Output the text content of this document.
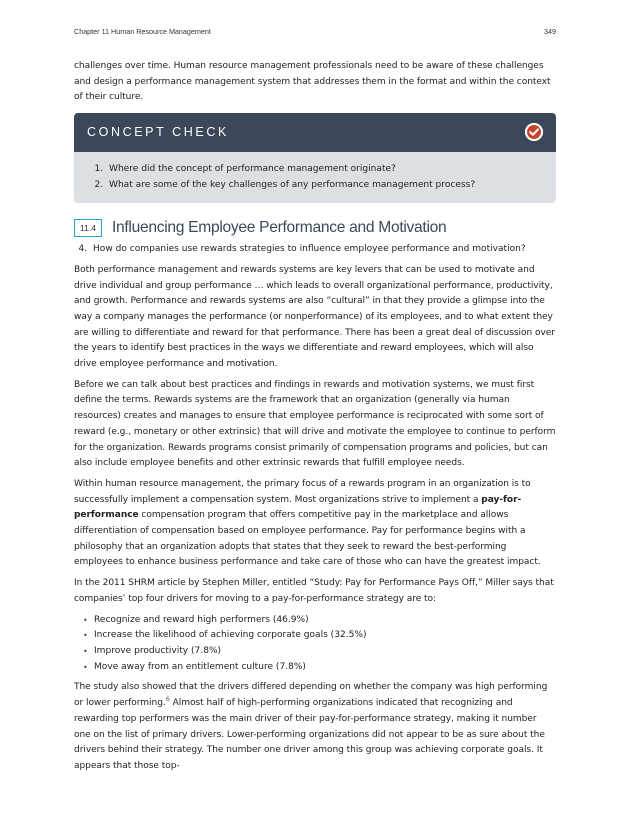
Chapter 11 Human Resource Management	349

challenges over time. Human resource management professionals need to be aware of these challenges and design a performance management system that addresses them in the format and within the context of their culture.

CONCEPT CHECK
1. Where did the concept of performance management originate?
2. What are some of the key challenges of any performance management process?
11.4	Influencing Employee Performance and Motivation
4. How do companies use rewards strategies to influence employee performance and motivation?

Both performance management and rewards systems are key levers that can be used to motivate and drive individual and group performance … which leads to overall organizational performance, productivity, and growth. Performance and rewards systems are also “cultural” in that they provide a glimpse into the way a company manages the performance (or nonperformance) of its employees, and to what extent they are willing to differentiate and reward for that performance. There has been a great deal of discussion over the years to identify best practices in the ways we differentiate and reward employees, which will also drive employee performance and motivation.

Before we can talk about best practices and findings in rewards and motivation systems, we must first define the terms. Rewards systems are the framework that an organization (generally via human resources) creates and manages to ensure that employee performance is reciprocated with some sort of reward (e.g., monetary or other extrinsic) that will drive and motivate the employee to continue to perform for the organization. Rewards programs consist primarily of compensation programs and policies, but can also include employee benefits and other extrinsic rewards that fulfill employee needs.

Within human resource management, the primary focus of a rewards program in an organization is to successfully implement a compensation system. Most organizations strive to implement a pay-for-performance compensation program that offers competitive pay in the marketplace and allows differentiation of compensation based on employee performance. Pay for performance begins with a philosophy that an organization adopts that states that they seek to reward the best-performing employees to enhance business performance and take care of those who can have the greatest impact.

In the 2011 SHRM article by Stephen Miller, entitled “Study: Pay for Performance Pays Off,” Miller says that companies’ top four drivers for moving to a pay-for-performance strategy are to:

• Recognize and reward high performers (46.9%)
• Increase the likelihood of achieving corporate goals (32.5%)
• Improve productivity (7.8%)
• Move away from an entitlement culture (7.8%)

The study also showed that the drivers differed depending on whether the company was high performing or lower performing.$^6$ Almost half of high-performing organizations indicated that recognizing and rewarding top performers was the main driver of their pay-for-performance strategy, making it number one on the list of primary drivers. Lower-performing organizations did not appear to be as sure about the drivers behind their strategy. The number one driver among this group was achieving corporate goals. It appears that those top-
